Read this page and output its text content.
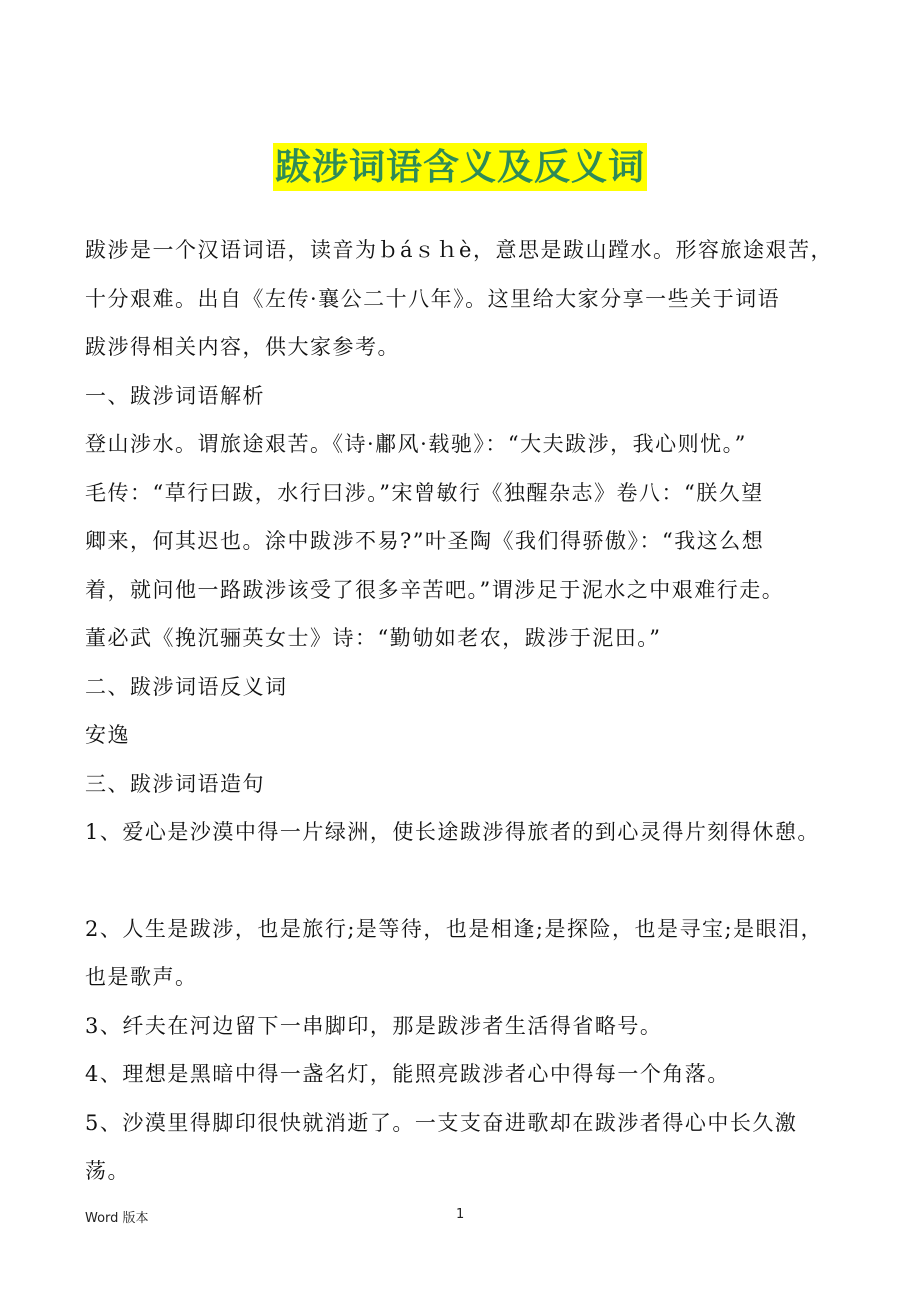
跋涉词语含义及反义词
跋涉是一个汉语词语，读音为ｂáｓｈè，意思是跋山蹚水。形容旅途艰苦，
十分艰难。出自《左传·襄公二十八年》。这里给大家分享一些关于词语
跋涉得相关内容，供大家参考。
一、跋涉词语解析
登山涉水。谓旅途艰苦。《诗·鄘风·载驰》：“大夫跋涉，我心则忧。”
毛传：“草行曰跋，水行曰涉。”宋曾敏行《独醒杂志》卷八：“朕久望
卿来，何其迟也。涂中跋涉不易?”叶圣陶《我们得骄傲》：“我这么想
着，就问他一路跋涉该受了很多辛苦吧。”谓涉足于泥水之中艰难行走。
董必武《挽沉骊英女士》诗：“勤劬如老农，跋涉于泥田。”
二、跋涉词语反义词
安逸
三、跋涉词语造句
1、爱心是沙漠中得一片绿洲，使长途跋涉得旅者的到心灵得片刻得休憩。
2、人生是跋涉，也是旅行;是等待，也是相逢;是探险，也是寻宝;是眼泪，
也是歌声。
3、纤夫在河边留下一串脚印，那是跋涉者生活得省略号。
4、理想是黑暗中得一盏名灯，能照亮跋涉者心中得每一个角落。
5、沙漠里得脚印很快就消逝了。一支支奋进歌却在跋涉者得心中长久激
荡。
Word 版本	1
